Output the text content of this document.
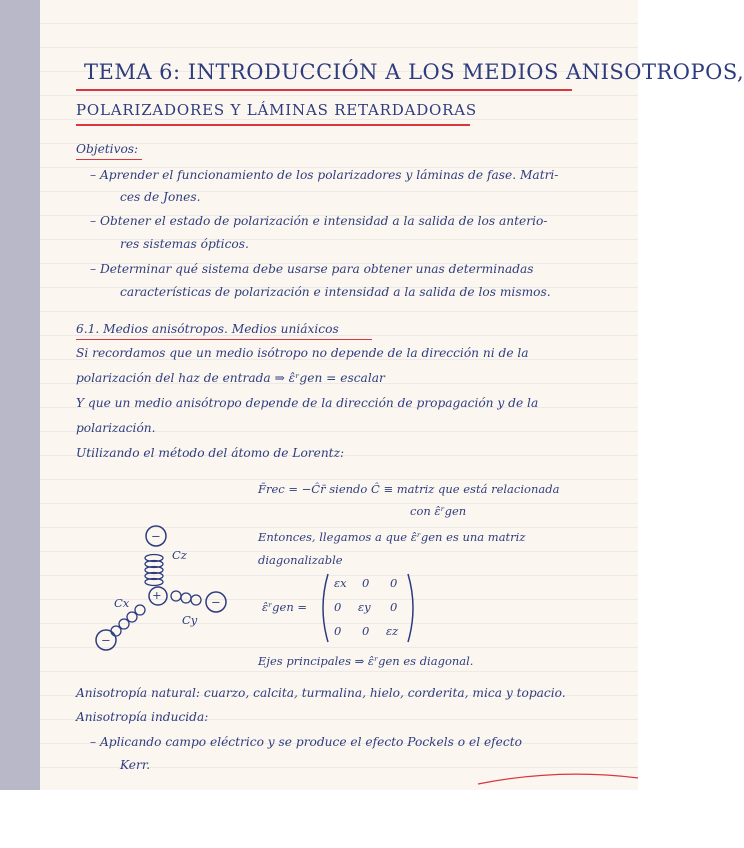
TEMA 6: INTRODUCCIÓN A LOS MEDIOS ANISOTROPOS,
POLARIZADORES Y LÁMINAS RETARDADORAS
Objetivos:
– Aprender el funcionamiento de los polarizadores y láminas de fase. Matri-
ces de Jones.
– Obtener el estado de polarización e intensidad a la salida de los anterio-
res sistemas ópticos.
– Determinar qué sistema debe usarse para obtener unas determinadas
características de polarización e intensidad a la salida de los mismos.
6.1. Medios anisótropos. Medios uniáxicos
Si recordamos que un medio isótropo no depende de la dirección ni de la
polarización del haz de entrada ⇒ ε̂ʳgen = escalar
Y que un medio anisótropo depende de la dirección de propagación y de la
polarización.
Utilizando el método del átomo de Lorentz:
F̄rec = −Ĉr̄ siendo Ĉ ≡ matriz que está relacionada
con ε̂ʳgen
Entonces, llegamos a que ε̂ʳgen es una matriz
diagonalizable
ε̂ʳgen =
εx 0 0
0 εy 0
0 0 εz
Ejes principales ⇒ ε̂ʳgen es diagonal.
+
−
−
−
Cz
Cx
Cy
Anisotropía natural: cuarzo, calcita, turmalina, hielo, corderita, mica y topacio.
Anisotropía inducida:
– Aplicando campo eléctrico y se produce el efecto Pockels o el efecto
Kerr.
